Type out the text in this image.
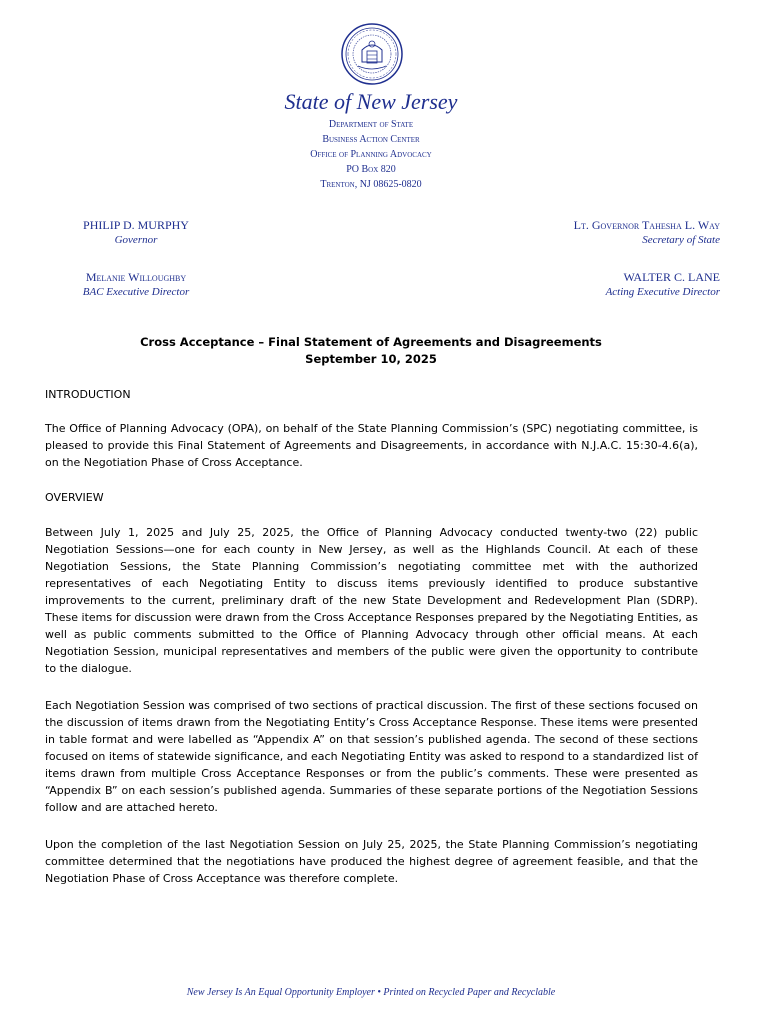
State of New Jersey
Department of State
Business Action Center
Office of Planning Advocacy
PO Box 820
Trenton, NJ 08625-0820
PHILIP D. MURPHY
Governor
Lt. Governor Tahesha L. Way
Secretary of State
Melanie Willoughby
BAC Executive Director
WALTER C. LANE
Acting Executive Director
Cross Acceptance – Final Statement of Agreements and Disagreements
September 10, 2025
INTRODUCTION
The Office of Planning Advocacy (OPA), on behalf of the State Planning Commission’s (SPC) negotiating committee, is pleased to provide this Final Statement of Agreements and Disagreements, in accordance with N.J.A.C. 15:30-4.6(a), on the Negotiation Phase of Cross Acceptance.
OVERVIEW
Between July 1, 2025 and July 25, 2025, the Office of Planning Advocacy conducted twenty-two (22) public Negotiation Sessions—one for each county in New Jersey, as well as the Highlands Council. At each of these Negotiation Sessions, the State Planning Commission’s negotiating committee met with the authorized representatives of each Negotiating Entity to discuss items previously identified to produce substantive improvements to the current, preliminary draft of the new State Development and Redevelopment Plan (SDRP). These items for discussion were drawn from the Cross Acceptance Responses prepared by the Negotiating Entities, as well as public comments submitted to the Office of Planning Advocacy through other official means. At each Negotiation Session, municipal representatives and members of the public were given the opportunity to contribute to the dialogue.
Each Negotiation Session was comprised of two sections of practical discussion. The first of these sections focused on the discussion of items drawn from the Negotiating Entity’s Cross Acceptance Response. These items were presented in table format and were labelled as “Appendix A” on that session’s published agenda. The second of these sections focused on items of statewide significance, and each Negotiating Entity was asked to respond to a standardized list of items drawn from multiple Cross Acceptance Responses or from the public’s comments. These were presented as “Appendix B” on each session’s published agenda. Summaries of these separate portions of the Negotiation Sessions follow and are attached hereto.
Upon the completion of the last Negotiation Session on July 25, 2025, the State Planning Commission’s negotiating committee determined that the negotiations have produced the highest degree of agreement feasible, and that the Negotiation Phase of Cross Acceptance was therefore complete.
New Jersey Is An Equal Opportunity Employer • Printed on Recycled Paper and Recyclable
